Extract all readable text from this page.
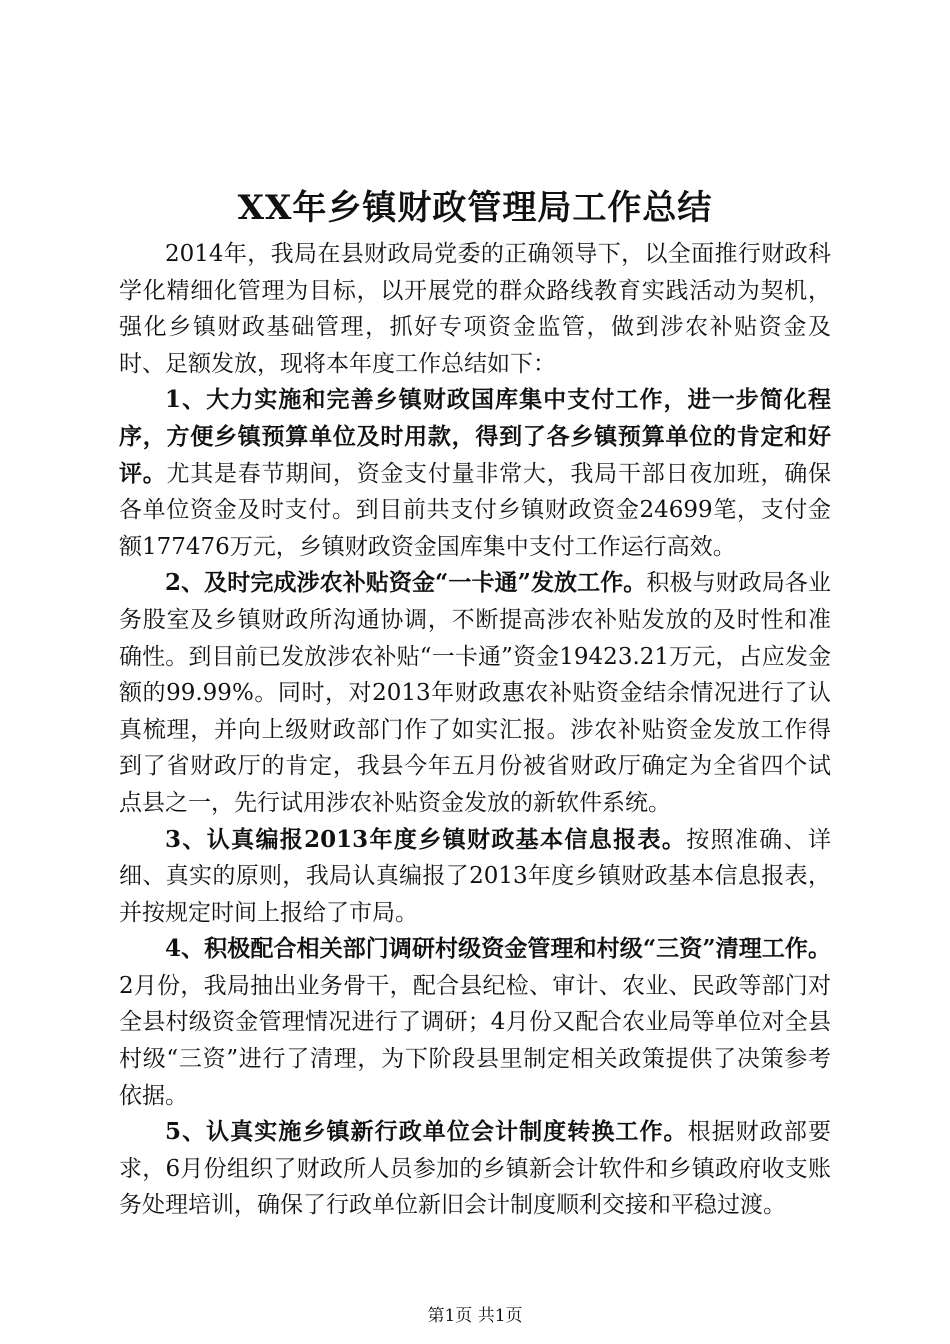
XX年乡镇财政管理局工作总结

2014年，我局在县财政局党委的正确领导下，以全面推行财政科学化精细化管理为目标，以开展党的群众路线教育实践活动为契机，强化乡镇财政基础管理，抓好专项资金监管，做到涉农补贴资金及时、足额发放，现将本年度工作总结如下：

1、大力实施和完善乡镇财政国库集中支付工作，进一步简化程序，方便乡镇预算单位及时用款，得到了各乡镇预算单位的肯定和好评。尤其是春节期间，资金支付量非常大，我局干部日夜加班，确保各单位资金及时支付。到目前共支付乡镇财政资金24699笔，支付金额177476万元，乡镇财政资金国库集中支付工作运行高效。

2、及时完成涉农补贴资金“一卡通”发放工作。积极与财政局各业务股室及乡镇财政所沟通协调，不断提高涉农补贴发放的及时性和准确性。到目前已发放涉农补贴“一卡通”资金19423.21万元，占应发金额的99.99%。同时，对2013年财政惠农补贴资金结余情况进行了认真梳理，并向上级财政部门作了如实汇报。涉农补贴资金发放工作得到了省财政厅的肯定，我县今年五月份被省财政厅确定为全省四个试点县之一，先行试用涉农补贴资金发放的新软件系统。

3、认真编报2013年度乡镇财政基本信息报表。按照准确、详细、真实的原则，我局认真编报了2013年度乡镇财政基本信息报表，并按规定时间上报给了市局。

4、积极配合相关部门调研村级资金管理和村级“三资”清理工作。2月份，我局抽出业务骨干，配合县纪检、审计、农业、民政等部门对全县村级资金管理情况进行了调研；4月份又配合农业局等单位对全县村级“三资”进行了清理，为下阶段县里制定相关政策提供了决策参考依据。

5、认真实施乡镇新行政单位会计制度转换工作。根据财政部要求，6月份组织了财政所人员参加的乡镇新会计软件和乡镇政府收支账务处理培训，确保了行政单位新旧会计制度顺利交接和平稳过渡。

第1页 共1页
